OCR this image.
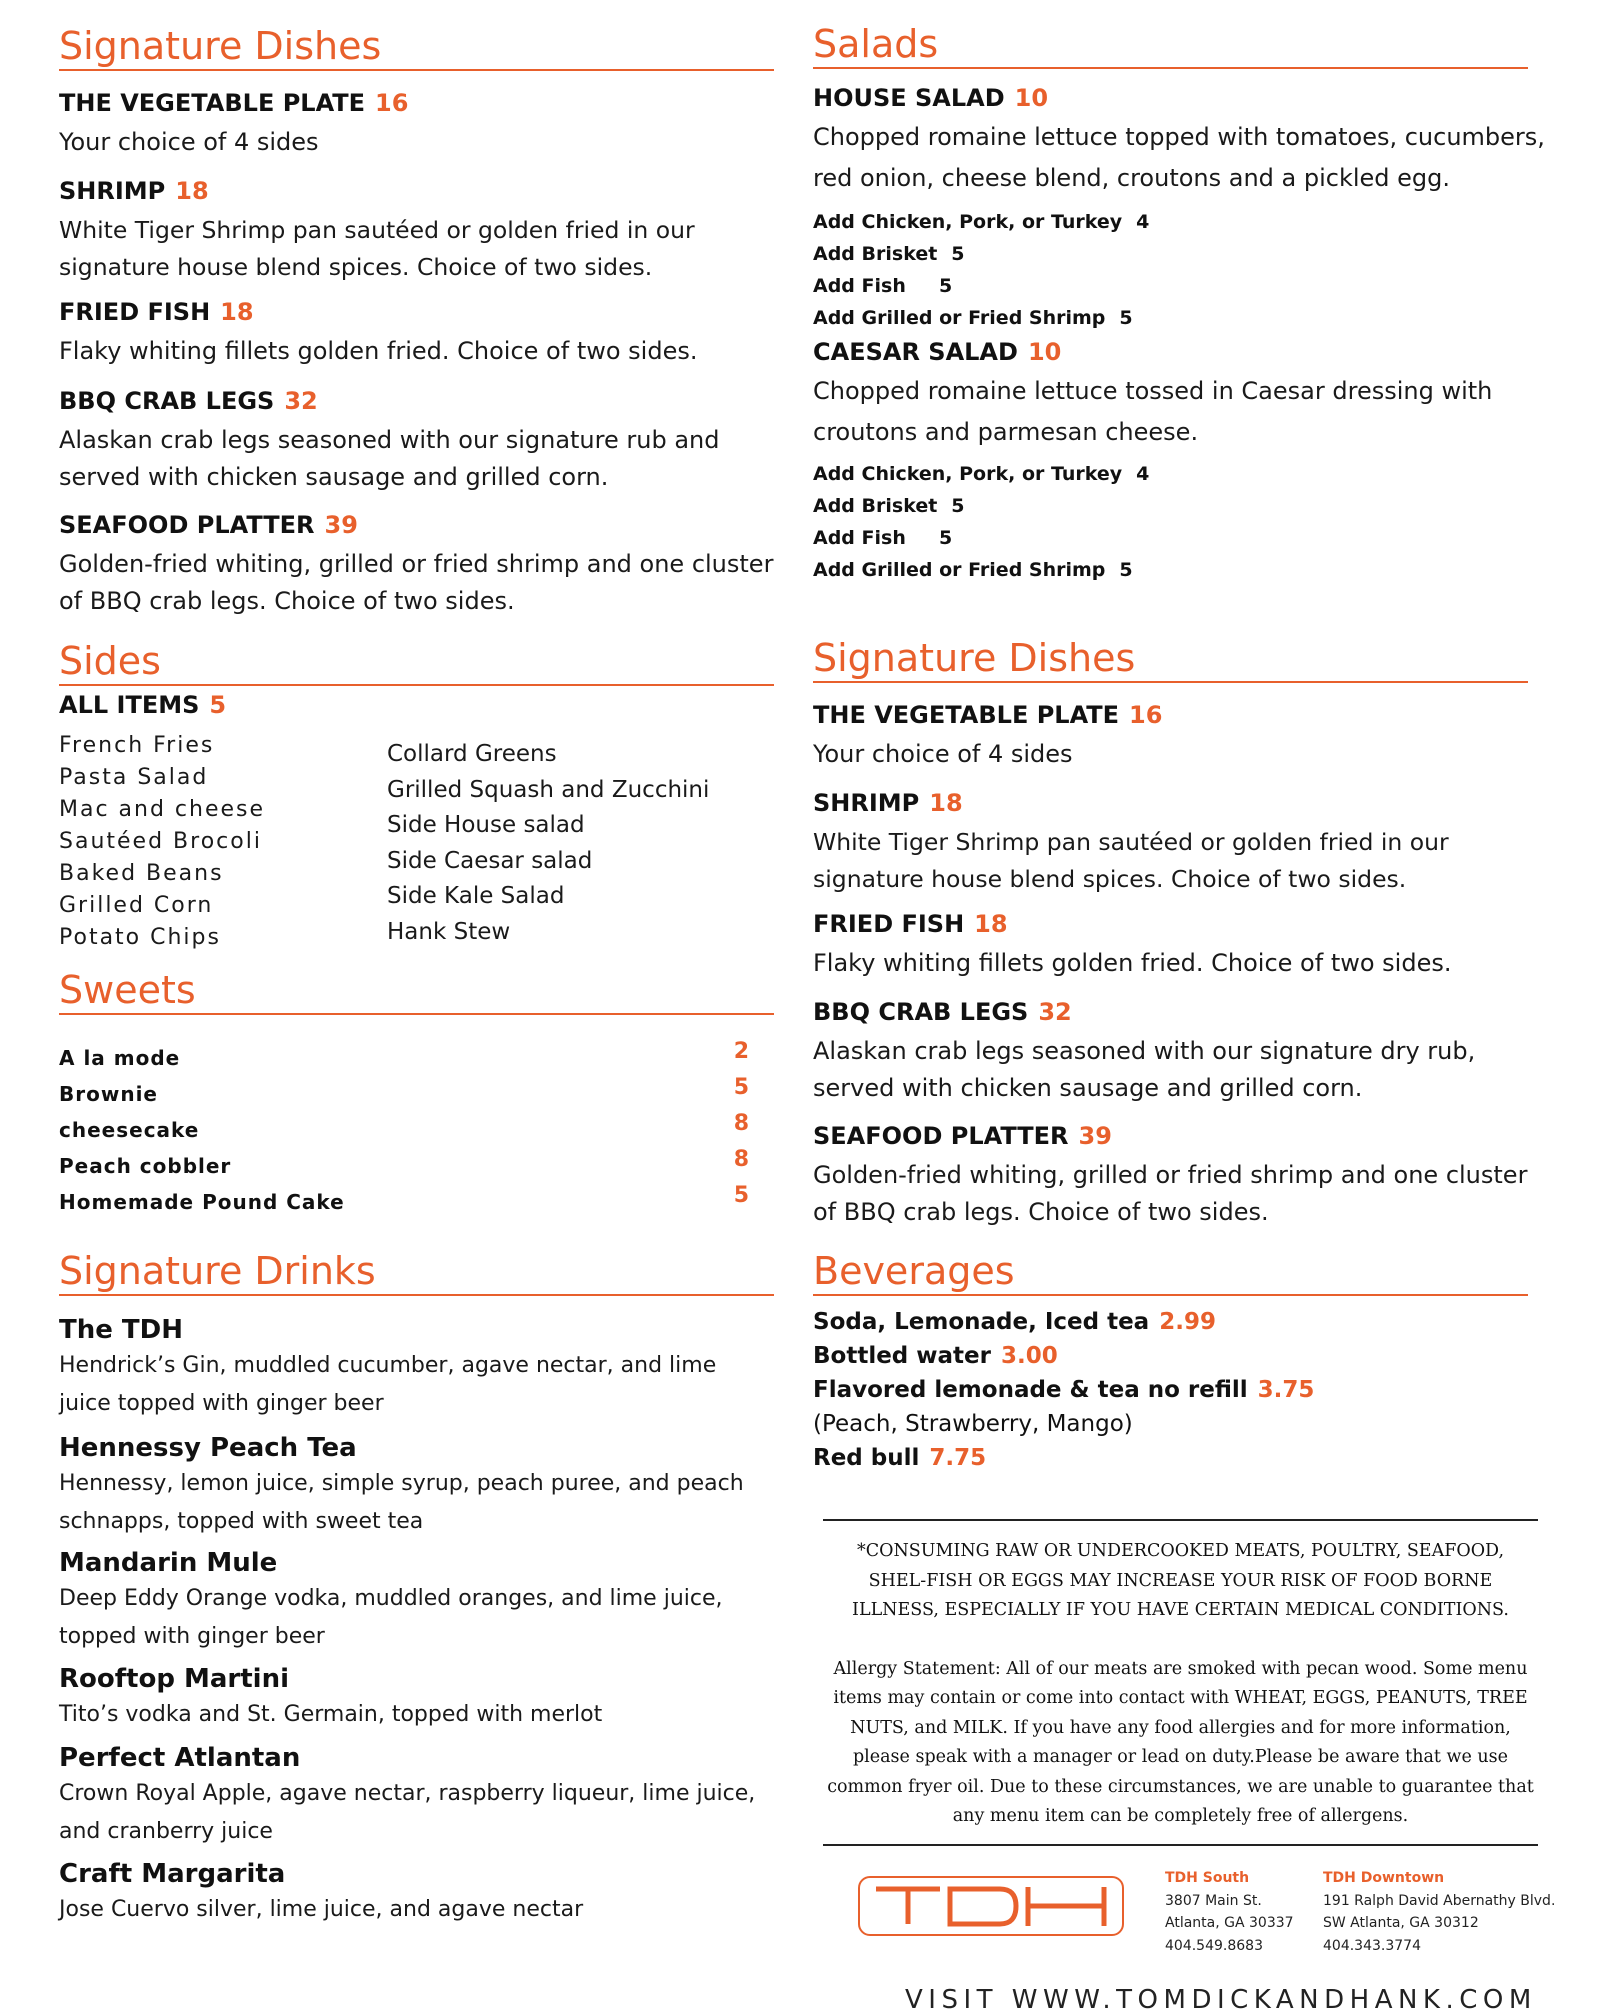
Signature Dishes
THE VEGETABLE PLATE 16
Your choice of 4 sides
SHRIMP 18
White Tiger Shrimp pan sautéed or golden fried in our signature house blend spices. Choice of two sides.
FRIED FISH 18
Flaky whiting fillets golden fried. Choice of two sides.
BBQ CRAB LEGS 32
Alaskan crab legs seasoned with our signature rub and served with chicken sausage and grilled corn.
SEAFOOD PLATTER 39
Golden-fried whiting, grilled or fried shrimp and one cluster of BBQ crab legs. Choice of two sides.
Sides
ALL ITEMS 5
French Fries
Pasta Salad
Mac and cheese
Sautéed Brocoli
Baked Beans
Grilled Corn
Potato Chips
Collard Greens
Grilled Squash and Zucchini
Side House salad
Side Caesar salad
Side Kale Salad
Hank Stew
Sweets
A la mode
Brownie
cheesecake
Peach cobbler
Homemade Pound Cake
2
5
8
8
5
Signature Drinks
The TDH
Hendrick’s Gin, muddled cucumber, agave nectar, and lime juice topped with ginger beer
Hennessy Peach Tea
Hennessy, lemon juice, simple syrup, peach puree, and peach schnapps, topped with sweet tea
Mandarin Mule
Deep Eddy Orange vodka, muddled oranges, and lime juice, topped with ginger beer
Rooftop Martini
Tito’s vodka and St. Germain, topped with merlot
Perfect Atlantan
Crown Royal Apple, agave nectar, raspberry liqueur, lime juice, and cranberry juice
Craft Margarita
Jose Cuervo silver, lime juice, and agave nectar
Salads
HOUSE SALAD 10
Chopped romaine lettuce topped with tomatoes, cucumbers, red onion, cheese blend, croutons and a pickled egg.
Add Chicken, Pork, or Turkey 4
Add Brisket 5
Add Fish 5
Add Grilled or Fried Shrimp 5
CAESAR SALAD 10
Chopped romaine lettuce tossed in Caesar dressing with croutons and parmesan cheese.
Add Chicken, Pork, or Turkey 4
Add Brisket 5
Add Fish 5
Add Grilled or Fried Shrimp 5
Signature Dishes
THE VEGETABLE PLATE 16
Your choice of 4 sides
SHRIMP 18
White Tiger Shrimp pan sautéed or golden fried in our signature house blend spices. Choice of two sides.
FRIED FISH 18
Flaky whiting fillets golden fried. Choice of two sides.
BBQ CRAB LEGS 32
Alaskan crab legs seasoned with our signature dry rub, served with chicken sausage and grilled corn.
SEAFOOD PLATTER 39
Golden-fried whiting, grilled or fried shrimp and one cluster of BBQ crab legs. Choice of two sides.
Beverages
Soda, Lemonade, Iced tea 2.99
Bottled water 3.00
Flavored lemonade & tea no refill 3.75
(Peach, Strawberry, Mango)
Red bull 7.75
*CONSUMING RAW OR UNDERCOOKED MEATS, POULTRY, SEAFOOD, SHEL-FISH OR EGGS MAY INCREASE YOUR RISK OF FOOD BORNE ILLNESS, ESPECIALLY IF YOU HAVE CERTAIN MEDICAL CONDITIONS.
Allergy Statement: All of our meats are smoked with pecan wood. Some menu items may contain or come into contact with WHEAT, EGGS, PEANUTS, TREE NUTS, and MILK. If you have any food allergies and for more information, please speak with a manager or lead on duty.Please be aware that we use common fryer oil. Due to these circumstances, we are unable to guarantee that any menu item can be completely free of allergens.
TDH South
3807 Main St.
Atlanta, GA 30337
404.549.8683
TDH Downtown
191 Ralph David Abernathy Blvd.
SW Atlanta, GA 30312
404.343.3774
VISIT WWW.TOMDICKANDHANK.COM
